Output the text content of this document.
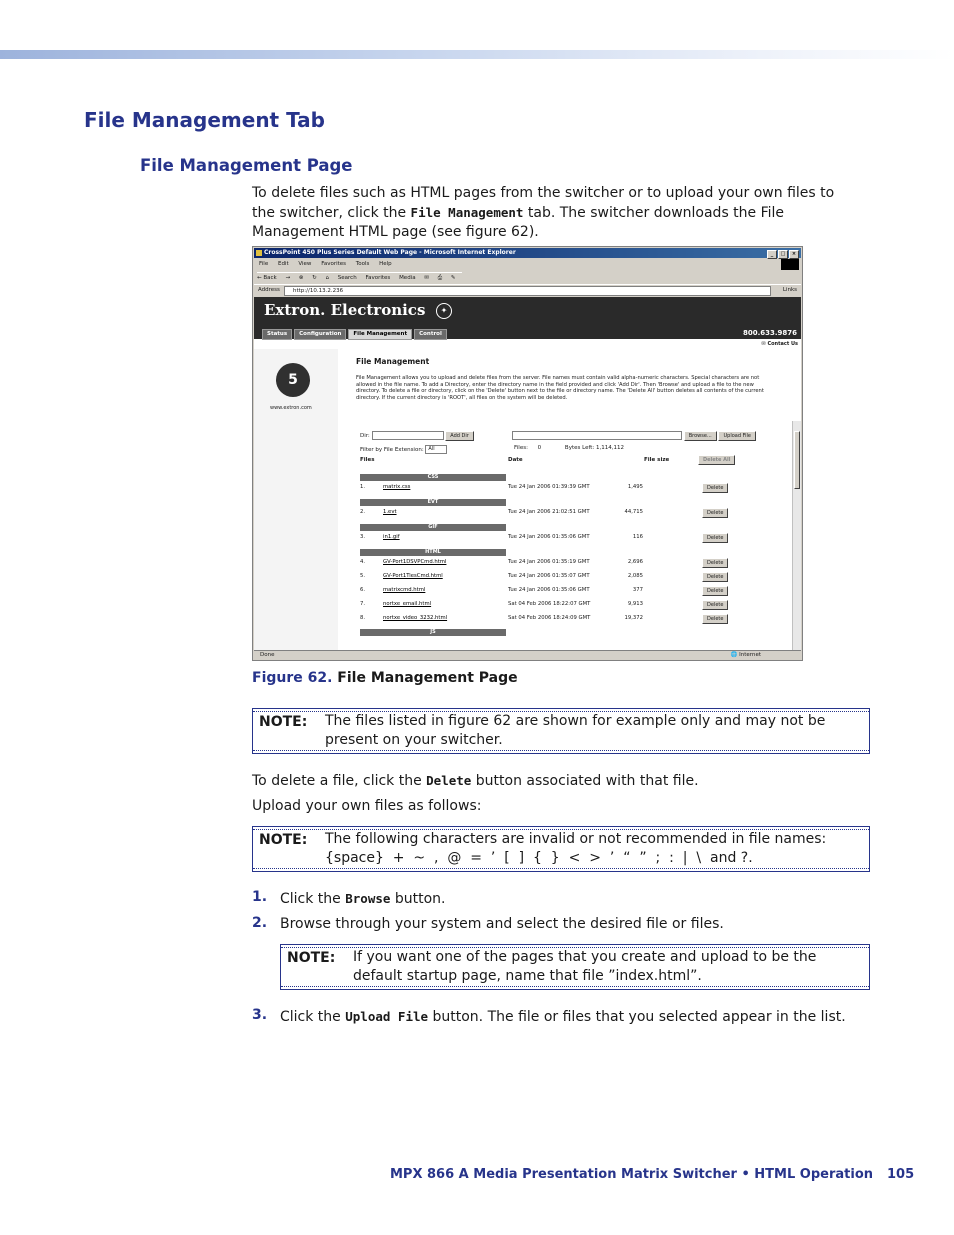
File Management Tab
File Management Page
To delete files such as HTML pages from the switcher or to upload your own files to the switcher, click the File Management tab. The switcher downloads the File Management HTML page (see figure 62).
CrossPoint 450 Plus Series Default Web Page - Microsoft Internet Explorer	_ □ ×
File Edit View Favorites Tools Help
← Back → ⊗ ↻ ⌂ Search Favorites Media ✉ ⎙ ✎
Address	http://10.13.2.236	Links
Extron. Electronics	✦
Status Configuration File Management Control	800.633.9876
✉ Contact Us
5
www.extron.com
File Management
File Management allows you to upload and delete files from the server. File names must contain valid alpha-numeric characters. Special characters are not allowed in the file name. To add a Directory, enter the directory name in the field provided and click 'Add Dir'. Then 'Browse' and upload a file to the new directory. To delete a file or directory, click on the 'Delete' button next to the file or directory name. The 'Delete All' button deletes all contents of the current directory. If the current directory is 'ROOT', all files on the system will be deleted.
Dir:	Add Dir	Browse... Upload File
Filter by File Extension: All	Files: 0	Bytes Left: 1,114,112
Files	Date	File size	Delete All
CSS
1.	matrix.css	Tue 24 Jan 2006 01:39:39 GMT	1,495	Delete
EVT
2.	1.evt	Tue 24 Jan 2006 21:02:51 GMT	44,715	Delete
GIF
3.	in1.gif	Tue 24 Jan 2006 01:35:06 GMT	116	Delete
HTML
4.	GV-Port1DSVPCmd.html	Tue 24 Jan 2006 01:35:19 GMT	2,696	Delete
5.	GV-Port1TiesCmd.html	Tue 24 Jan 2006 01:35:07 GMT	2,085	Delete
6.	matrixcmd.html	Tue 24 Jan 2006 01:35:06 GMT	377	Delete
7.	nortxe_email.html	Sat 04 Feb 2006 18:22:07 GMT	9,913	Delete
8.	nortxe_video_3232.html	Sat 04 Feb 2006 18:24:09 GMT	19,372	Delete
JS
Done	🌐 Internet
Figure 62. File Management Page
NOTE: The files listed in figure 62 are shown for example only and may not be present on your switcher.
To delete a file, click the Delete button associated with that file.
Upload your own files as follows:
NOTE: The following characters are invalid or not recommended in file names:
{space}  +  ~  ,  @  =  ’  [  ]  {  }  <  >  ’  “  ”  ;  :  |  \  and ?.
1. Click the Browse button.
2. Browse through your system and select the desired file or files.
NOTE: If you want one of the pages that you create and upload to be the default startup page, name that file ”index.html”.
3. Click the Upload File button. The file or files that you selected appear in the list.
MPX 866 A Media Presentation Matrix Switcher • HTML Operation 105
